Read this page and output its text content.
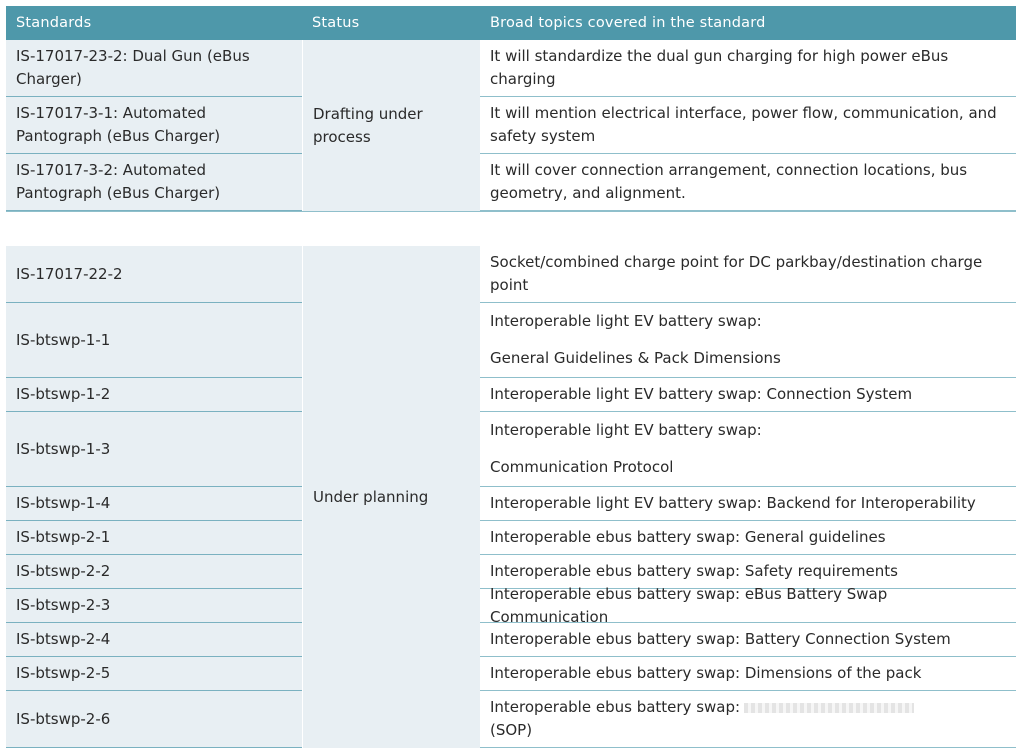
Standards	Status	Broad topics covered in the standard
IS-17017-23-2: Dual Gun (eBus Charger)
IS-17017-3-1: Automated Pantograph (eBus Charger)
IS-17017-3-2: Automated Pantograph (eBus Charger)
Drafting under process
It will standardize the dual gun charging for high power eBus charging
It will mention electrical interface, power flow, communication, and safety system
It will cover connection arrangement, connection locations, bus geometry, and alignment.
IS-17017-22-2
IS-btswp-1-1
IS-btswp-1-2
IS-btswp-1-3
IS-btswp-1-4
IS-btswp-2-1
IS-btswp-2-2
IS-btswp-2-3
IS-btswp-2-4
IS-btswp-2-5
IS-btswp-2-6
Under planning
Socket/combined charge point for DC parkbay/destination charge point
Interoperable light EV battery swap:
General Guidelines & Pack Dimensions
Interoperable light EV battery swap: Connection System
Interoperable light EV battery swap:
Communication Protocol
Interoperable light EV battery swap: Backend for Interoperability
Interoperable ebus battery swap: General guidelines
Interoperable ebus battery swap: Safety requirements
Interoperable ebus battery swap: eBus Battery Swap Communication
Interoperable ebus battery swap: Battery Connection System
Interoperable ebus battery swap: Dimensions of the pack
Interoperable ebus battery swap:
(SOP)
